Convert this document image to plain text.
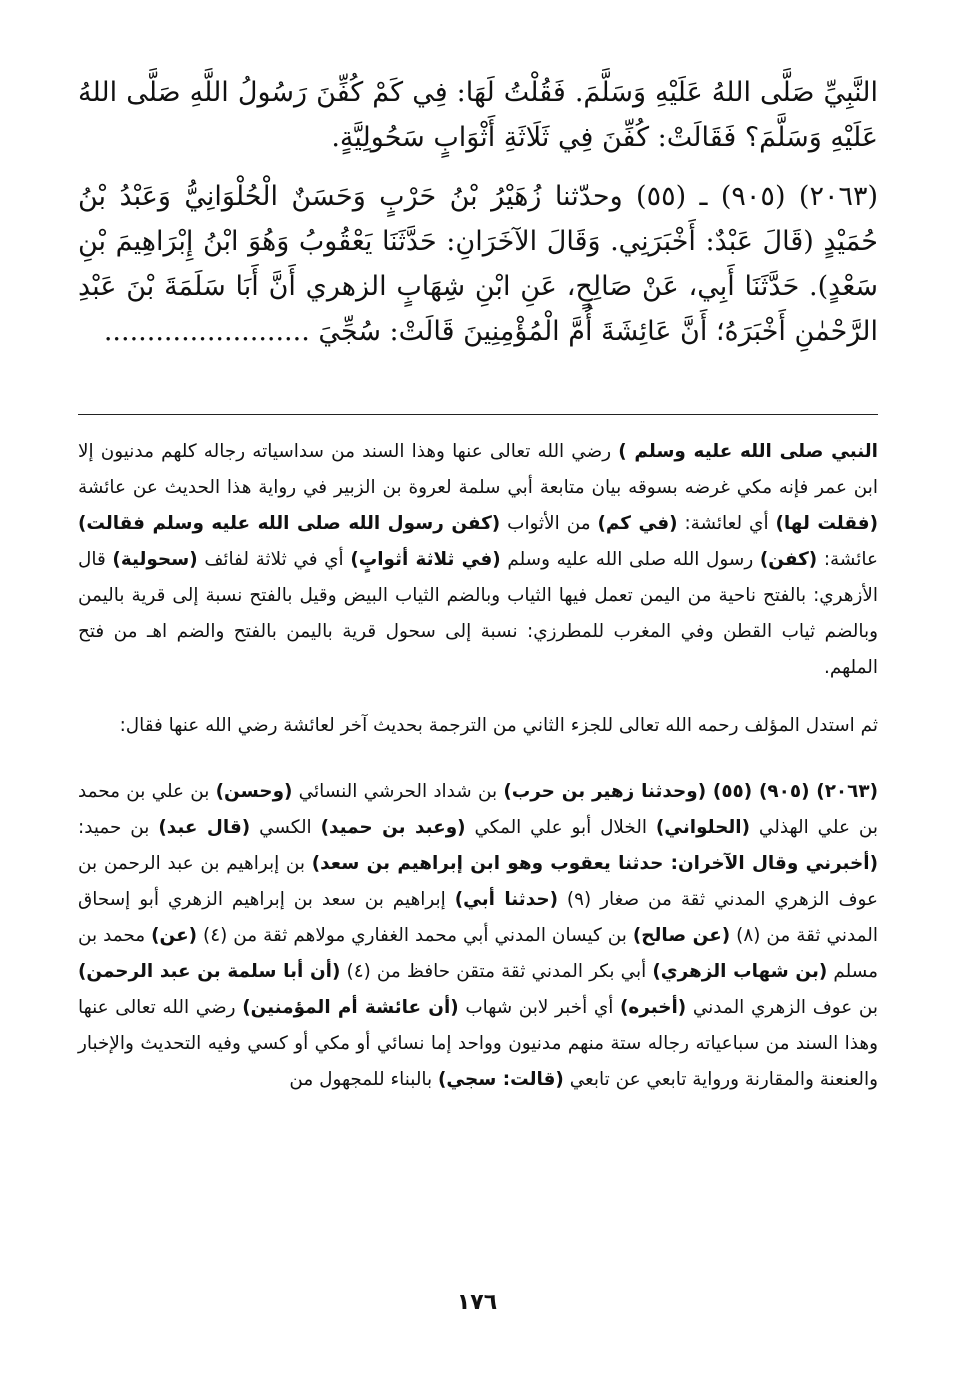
النَّبِيِّ صَلَّى اللهُ عَلَيْهِ وَسَلَّمَ. فَقُلْتُ لَهَا: فِي كَمْ كُفِّنَ رَسُولُ اللَّهِ صَلَّى اللهُ عَلَيْهِ وَسَلَّمَ؟ فَقَالَتْ: كُفِّنَ فِي ثَلَاثَةِ أَثْوَابٍ سَحُولِيَّةٍ.

(٢٠٦٣) (٩٠٥) ـ (٥٥) وحدّثنا زُهَيْرُ بْنُ حَرْبٍ وَحَسَنٌ الْحُلْوَانِيُّ وَعَبْدُ بْنُ حُمَيْدٍ (قَالَ عَبْدٌ: أَخْبَرَنِي. وَقَالَ الآخَرَانِ: حَدَّثَنَا يَعْقُوبُ وَهُوَ ابْنُ إِبْرَاهِيمَ بْنِ سَعْدٍ). حَدَّثَنَا أَبِي، عَنْ صَالِحٍ، عَنِ ابْنِ شِهَابٍ الزهري أَنَّ أَبَا سَلَمَةَ بْنَ عَبْدِ الرَّحْمٰنِ أَخْبَرَهُ؛ أَنَّ عَائِشَةَ أُمَّ الْمُؤْمِنِينَ قَالَتْ: سُجِّيَ ........................

النبي صلى الله عليه وسلم ) رضي الله تعالى عنها وهذا السند من سداسياته رجاله كلهم مدنيون إلا ابن عمر فإنه مكي غرضه بسوقه بيان متابعة أبي سلمة لعروة بن الزبير في رواية هذا الحديث عن عائشة (فقلت لها) أي لعائشة: (في كم) من الأثواب (كفن رسول الله صلى الله عليه وسلم فقالت) عائشة: (كفن) رسول الله صلى الله عليه وسلم (في ثلاثة أثوابٍ) أي في ثلاثة لفائف (سحولية) قال الأزهري: بالفتح ناحية من اليمن تعمل فيها الثياب وبالضم الثياب البيض وقيل بالفتح نسبة إلى قرية باليمن وبالضم ثياب القطن وفي المغرب للمطرزي: نسبة إلى سحول قرية باليمن بالفتح والضم اهـ من فتح الملهم.

ثم استدل المؤلف رحمه الله تعالى للجزء الثاني من الترجمة بحديث آخر لعائشة رضي الله عنها فقال:

(٢٠٦٣) (٩٠٥) (٥٥) (وحدثنا زهير بن حرب) بن شداد الحرشي النسائي (وحسن) بن علي بن محمد بن علي الهذلي (الحلواني) الخلال أبو علي المكي (وعبد بن حميد) الكسي (قال عبد) بن حميد: (أخبرني وقال الآخران: حدثنا يعقوب وهو ابن إبراهيم بن سعد) بن إبراهيم بن عبد الرحمن بن عوف الزهري المدني ثقة من صغار (٩) (حدثنا أبي) إبراهيم بن سعد بن إبراهيم الزهري أبو إسحاق المدني ثقة من (٨) (عن صالح) بن كيسان المدني أبي محمد الغفاري مولاهم ثقة من (٤) (عن) محمد بن مسلم (بن شهاب الزهري) أبي بكر المدني ثقة متقن حافظ من (٤) (أن أبا سلمة بن عبد الرحمن) بن عوف الزهري المدني (أخبره) أي أخبر لابن شهاب (أن عائشة أم المؤمنين) رضي الله تعالى عنها وهذا السند من سباعياته رجاله ستة منهم مدنيون وواحد إما نسائي أو مكي أو كسي وفيه التحديث والإخبار والعنعنة والمقارنة ورواية تابعي عن تابعي (قالت: سجي) بالبناء للمجهول من

١٧٦
